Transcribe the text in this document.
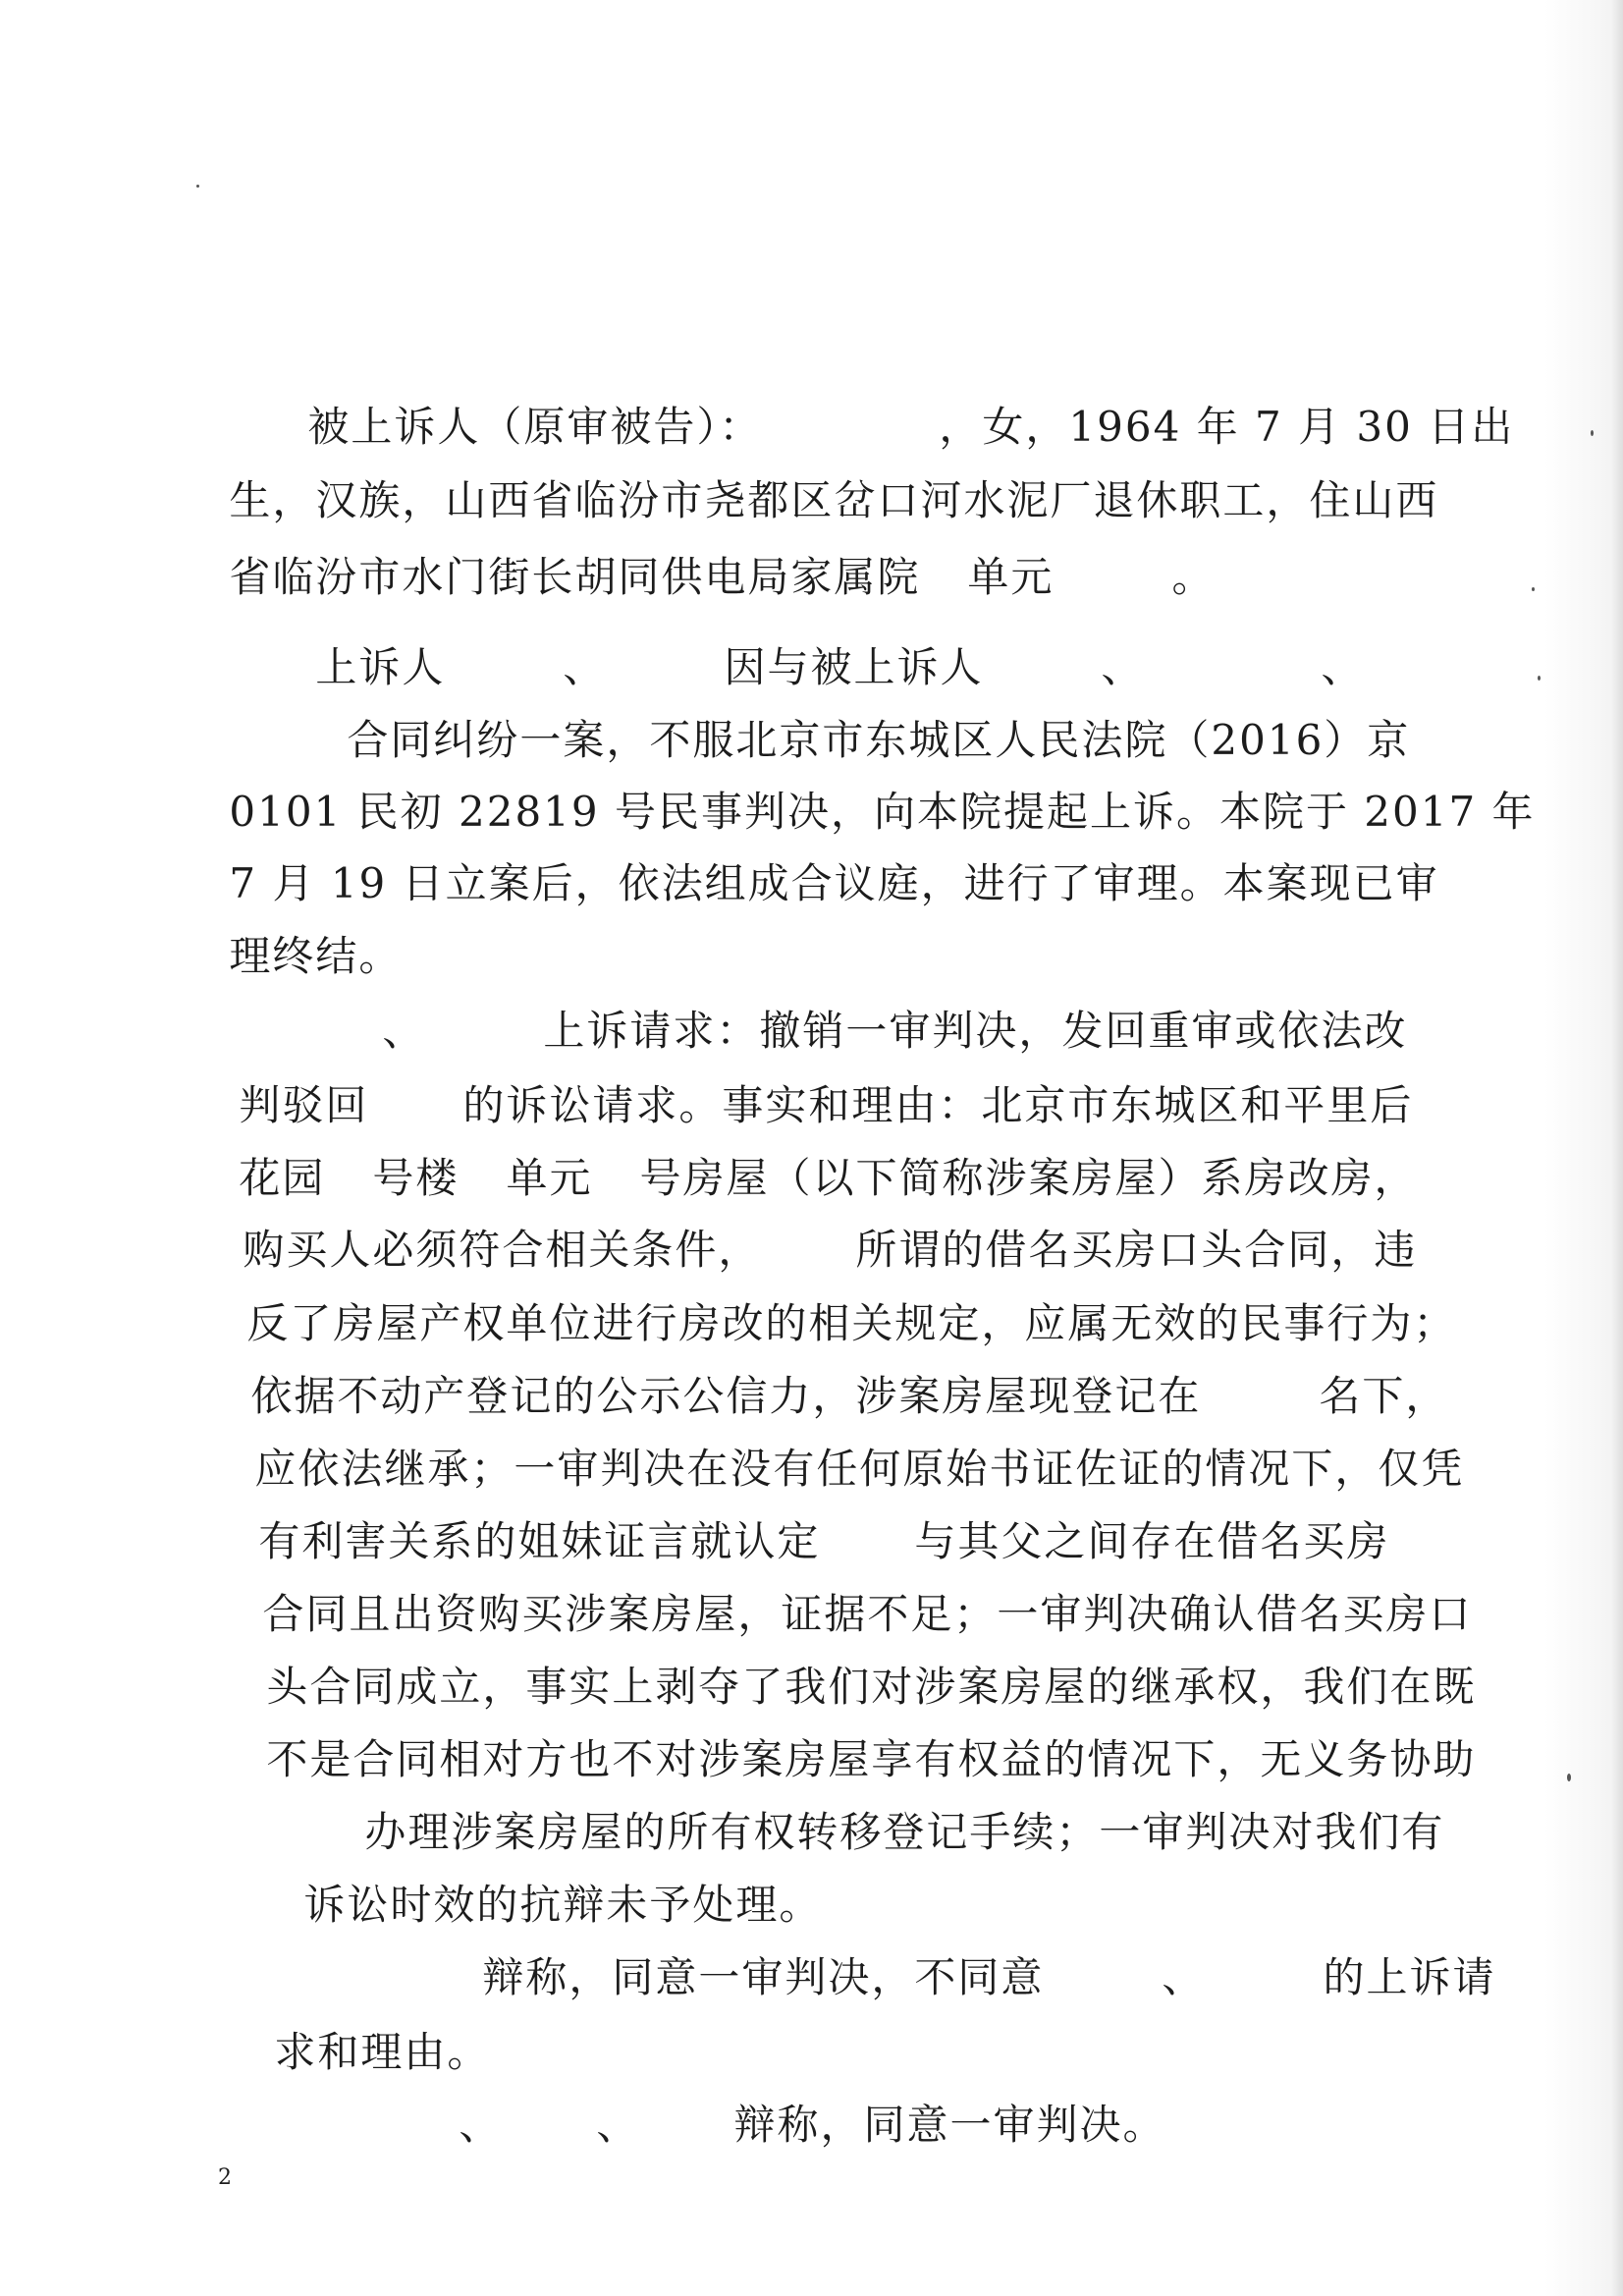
被上诉人（原审被告）：	，女，1964 年 7 月 30 日出

生，汉族，山西省临汾市尧都区岔口河水泥厂退休职工，住山西

省临汾市水门街长胡同供电局家属院 单元	。

上诉人	、	因与被上诉人	、	、

合同纠纷一案，不服北京市东城区人民法院（2016）京

0101 民初 22819 号民事判决，向本院提起上诉。本院于 2017 年

7 月 19 日立案后，依法组成合议庭，进行了审理。本案现已审

理终结。

、	上诉请求：撤销一审判决，发回重审或依法改

判驳回 的诉讼请求。事实和理由：北京市东城区和平里后

花园 号楼 单元 号房屋（以下简称涉案房屋）系房改房，

购买人必须符合相关条件， 所谓的借名买房口头合同，违

反了房屋产权单位进行房改的相关规定，应属无效的民事行为；

依据不动产登记的公示公信力，涉案房屋现登记在	名下，

应依法继承；一审判决在没有任何原始书证佐证的情况下，仅凭

有利害关系的姐妹证言就认定 与其父之间存在借名买房

合同且出资购买涉案房屋，证据不足；一审判决确认借名买房口

头合同成立，事实上剥夺了我们对涉案房屋的继承权，我们在既

不是合同相对方也不对涉案房屋享有权益的情况下，无义务协助

办理涉案房屋的所有权转移登记手续；一审判决对我们有

诉讼时效的抗辩未予处理。

辩称，同意一审判决，不同意	、	的上诉请

求和理由。

、 、 辩称，同意一审判决。

2
